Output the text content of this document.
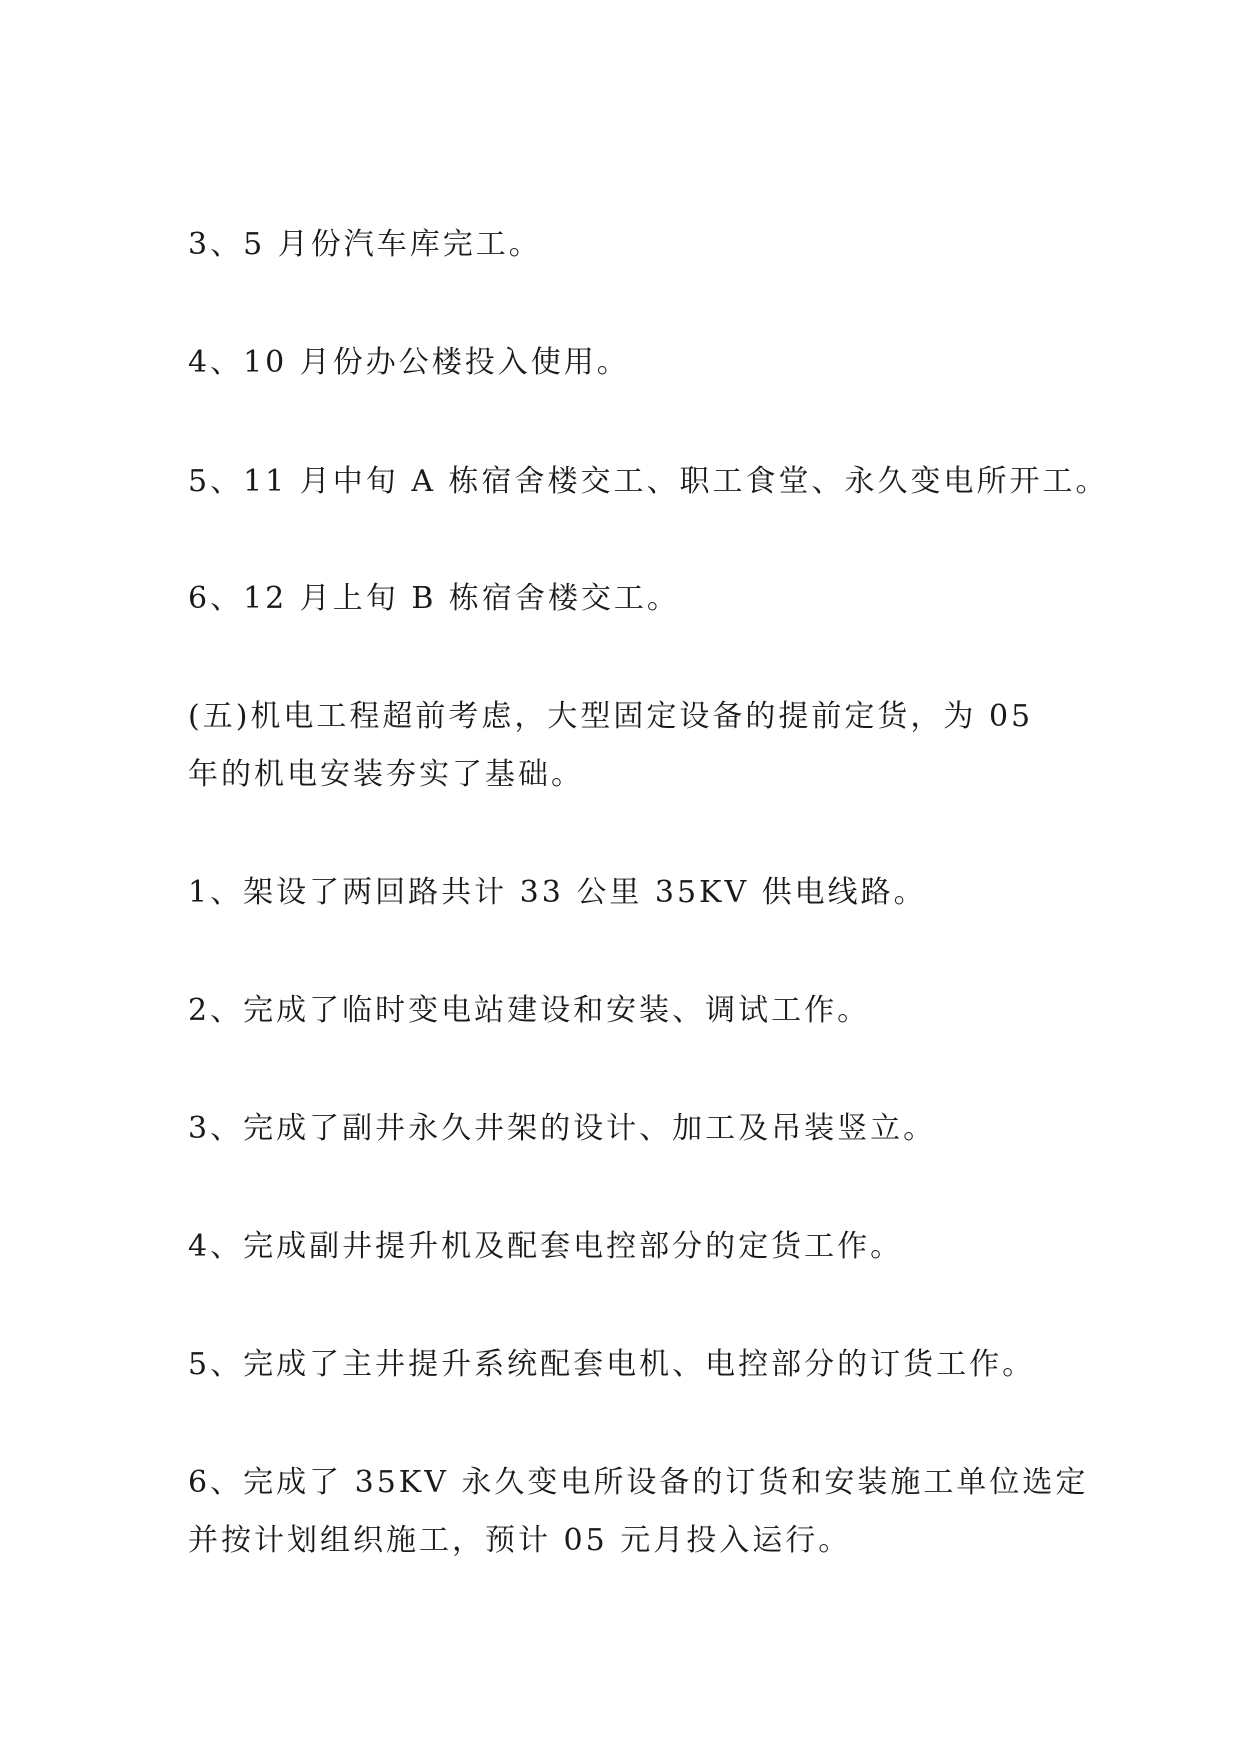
3、5 月份汽车库完工。
4、10 月份办公楼投入使用。
5、11 月中旬 A 栋宿舍楼交工、职工食堂、永久变电所开工。
6、12 月上旬 B 栋宿舍楼交工。
(五)机电工程超前考虑，大型固定设备的提前定货，为 05
年的机电安装夯实了基础。
1、架设了两回路共计 33 公里 35KV 供电线路。
2、完成了临时变电站建设和安装、调试工作。
3、完成了副井永久井架的设计、加工及吊装竖立。
4、完成副井提升机及配套电控部分的定货工作。
5、完成了主井提升系统配套电机、电控部分的订货工作。
6、完成了 35KV 永久变电所设备的订货和安装施工单位选定
并按计划组织施工，预计 05 元月投入运行。
